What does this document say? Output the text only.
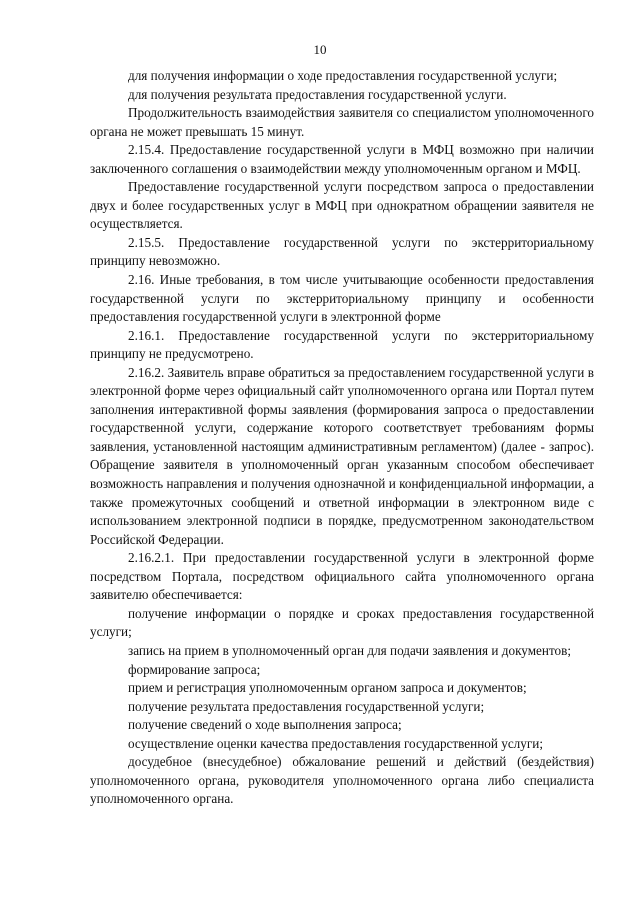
10

для получения информации о ходе предоставления государственной услуги;

для получения результата предоставления государственной услуги.

Продолжительность взаимодействия заявителя со специалистом уполномоченного органа не может превышать 15 минут.

2.15.4. Предоставление государственной услуги в МФЦ возможно при наличии заключенного соглашения о взаимодействии между уполномоченным органом и МФЦ.

Предоставление государственной услуги посредством запроса о предоставлении двух и более государственных услуг в МФЦ при однократном обращении заявителя не осуществляется.

2.15.5. Предоставление государственной услуги по экстерриториальному принципу невозможно.

2.16. Иные требования, в том числе учитывающие особенности предоставления государственной услуги по экстерриториальному принципу и особенности предоставления государственной услуги в электронной форме

2.16.1. Предоставление государственной услуги по экстерриториальному принципу не предусмотрено.

2.16.2. Заявитель вправе обратиться за предоставлением государственной услуги в электронной форме через официальный сайт уполномоченного органа или Портал путем заполнения интерактивной формы заявления (формирования запроса о предоставлении государственной услуги, содержание которого соответствует требованиям формы заявления, установленной настоящим административным регламентом) (далее - запрос). Обращение заявителя в уполномоченный орган указанным способом обеспечивает возможность направления и получения однозначной и конфиденциальной информации, а также промежуточных сообщений и ответной информации в электронном виде с использованием электронной подписи в порядке, предусмотренном законодательством Российской Федерации.

2.16.2.1. При предоставлении государственной услуги в электронной форме посредством Портала, посредством официального сайта уполномоченного органа заявителю обеспечивается:

получение информации о порядке и сроках предоставления государственной услуги;

запись на прием в уполномоченный орган для подачи заявления и документов;

формирование запроса;

прием и регистрация уполномоченным органом запроса и документов;

получение результата предоставления государственной услуги;

получение сведений о ходе выполнения запроса;

осуществление оценки качества предоставления государственной услуги;

досудебное (внесудебное) обжалование решений и действий (бездействия) уполномоченного органа, руководителя уполномоченного органа либо специалиста уполномоченного органа.
